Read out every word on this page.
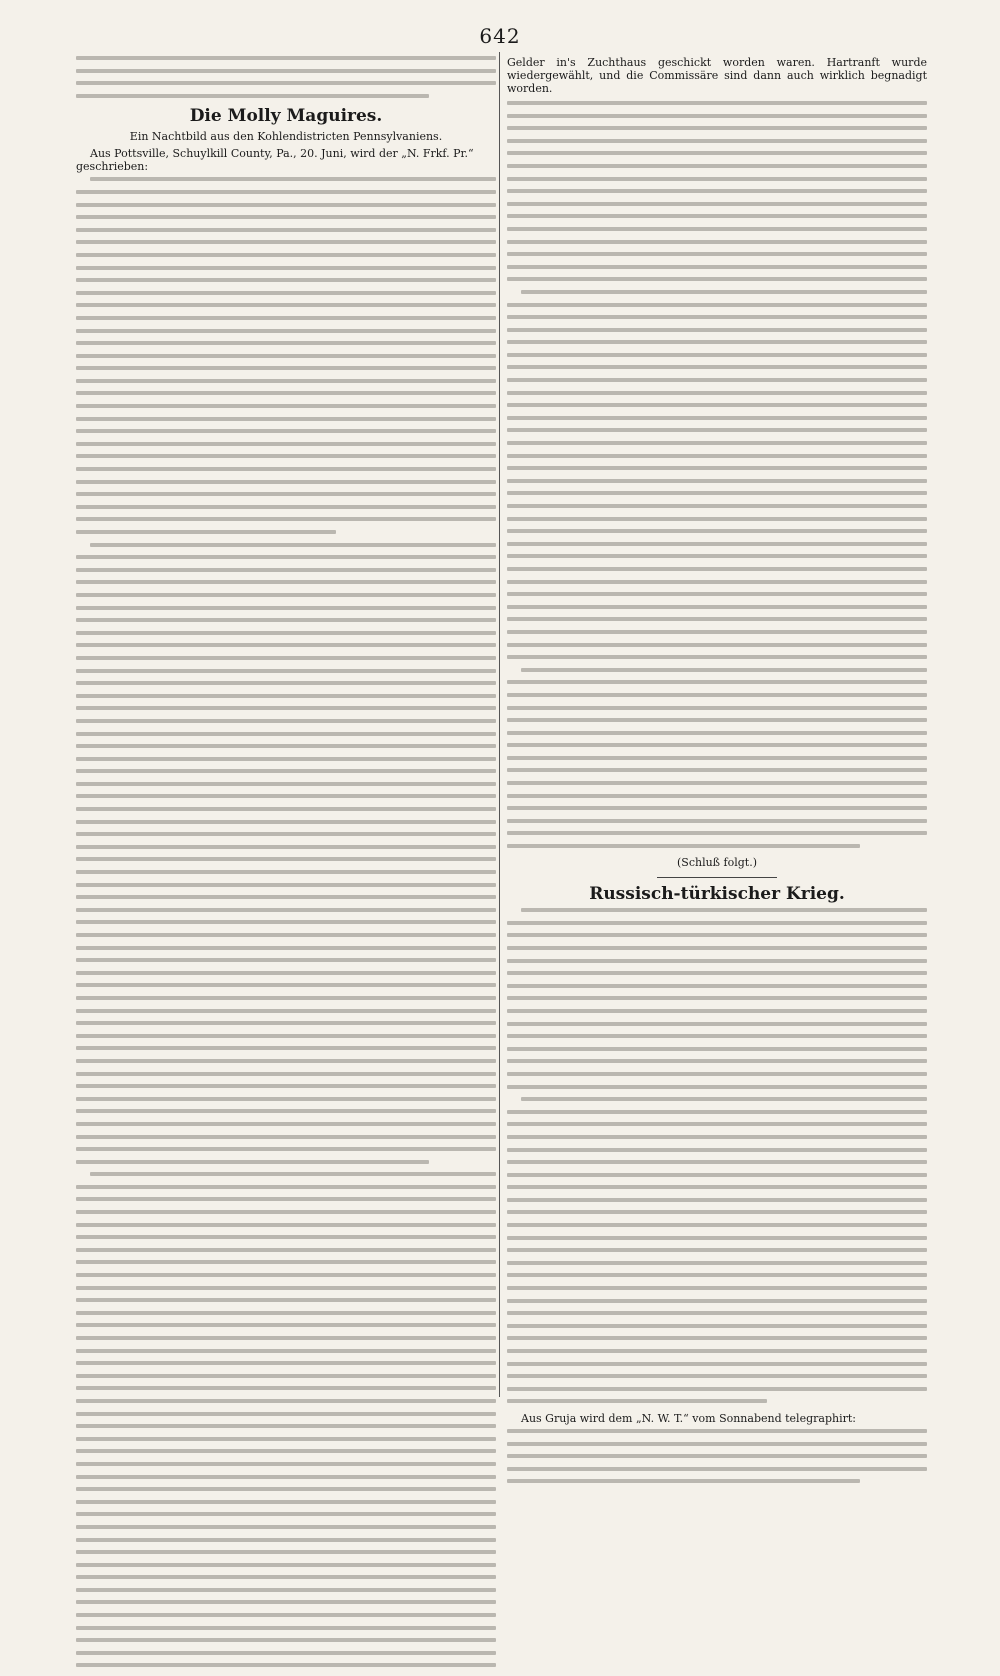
642
Die Molly Maguires.
Ein Nachtbild aus den Kohlendistricten Pennsylvaniens.
Aus Pottsville, Schuylkill County, Pa., 20. Juni, wird der „N. Frkf. Pr.“ geschrieben:
Gelder in's Zuchthaus geschickt worden waren. Hartranft wurde wiedergewählt, und die Commissäre sind dann auch wirklich begnadigt worden.
(Schluß folgt.)
Russisch-türkischer Krieg.
Aus Gruja wird dem „N. W. T.“ vom Sonnabend telegraphirt:
